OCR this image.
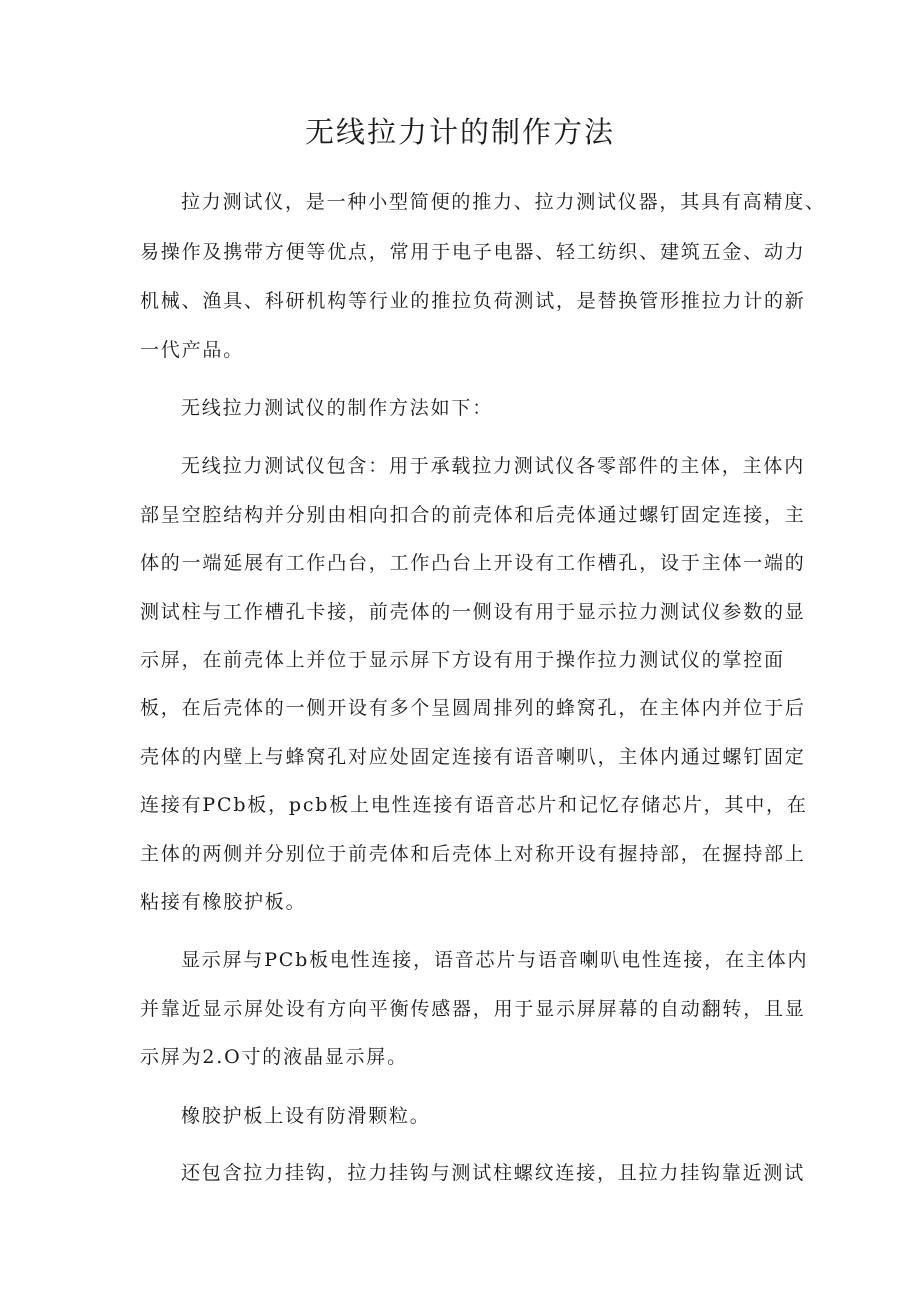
无线拉力计的制作方法

拉力测试仪，是一种小型简便的推力、拉力测试仪器，其具有高精度、

易操作及携带方便等优点，常用于电子电器、轻工纺织、建筑五金、动力

机械、渔具、科研机构等行业的推拉负荷测试，是替换管形推拉力计的新

一代产品。

无线拉力测试仪的制作方法如下：

无线拉力测试仪包含：用于承载拉力测试仪各零部件的主体，主体内

部呈空腔结构并分别由相向扣合的前壳体和后壳体通过螺钉固定连接，主

体的一端延展有工作凸台，工作凸台上开设有工作槽孔，设于主体一端的

测试柱与工作槽孔卡接，前壳体的一侧设有用于显示拉力测试仪参数的显

示屏，在前壳体上并位于显示屏下方设有用于操作拉力测试仪的掌控面

板，在后壳体的一侧开设有多个呈圆周排列的蜂窝孔，在主体内并位于后

壳体的内壁上与蜂窝孔对应处固定连接有语音喇叭，主体内通过螺钉固定

连接有PCb板，pcb板上电性连接有语音芯片和记忆存储芯片，其中，在

主体的两侧并分别位于前壳体和后壳体上对称开设有握持部，在握持部上

粘接有橡胶护板。

显示屏与PCb板电性连接，语音芯片与语音喇叭电性连接，在主体内

并靠近显示屏处设有方向平衡传感器，用于显示屏屏幕的自动翻转，且显

示屏为2.O寸的液晶显示屏。

橡胶护板上设有防滑颗粒。

还包含拉力挂钩，拉力挂钩与测试柱螺纹连接，且拉力挂钩靠近测试
